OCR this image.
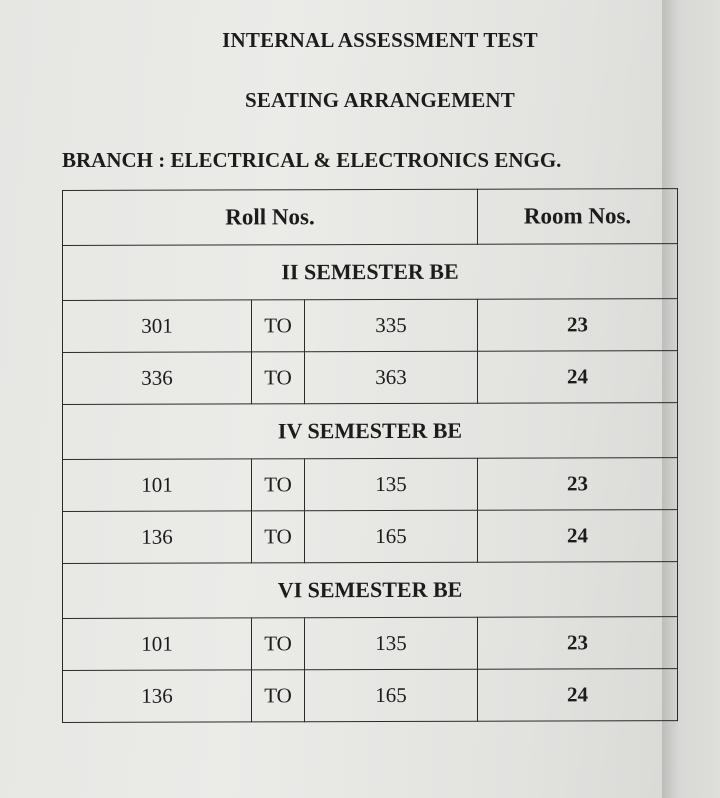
INTERNAL ASSESSMENT TEST
SEATING ARRANGEMENT
BRANCH : ELECTRICAL & ELECTRONICS ENGG.
Roll Nos.			Room Nos.
II SEMESTER BE			
301	TO	335	23
336	TO	363	24
IV SEMESTER BE			
101	TO	135	23
136	TO	165	24
VI SEMESTER BE			
101	TO	135	23
136	TO	165	24
